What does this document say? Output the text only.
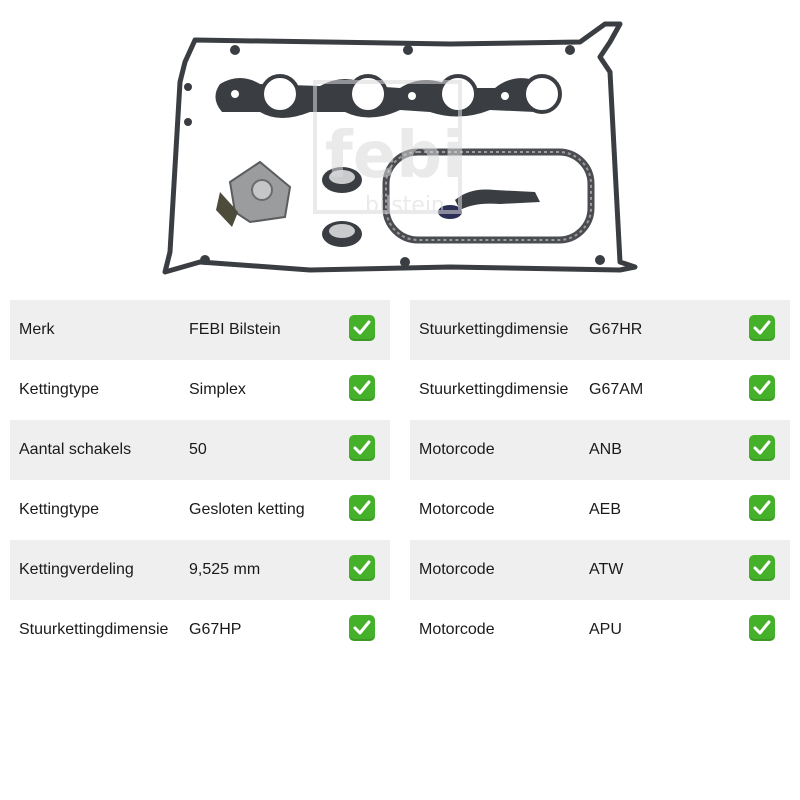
febi
bilstein
Merk	FEBI Bilstein
Kettingtype	Simplex
Aantal schakels	50
Kettingtype	Gesloten ketting
Kettingverdeling	9,525 mm
Stuurkettingdimensie G67HP
Stuurkettingdimensie G67HR
Stuurkettingdimensie G67AM
Motorcode	ANB
Motorcode	AEB
Motorcode	ATW
Motorcode	APU
